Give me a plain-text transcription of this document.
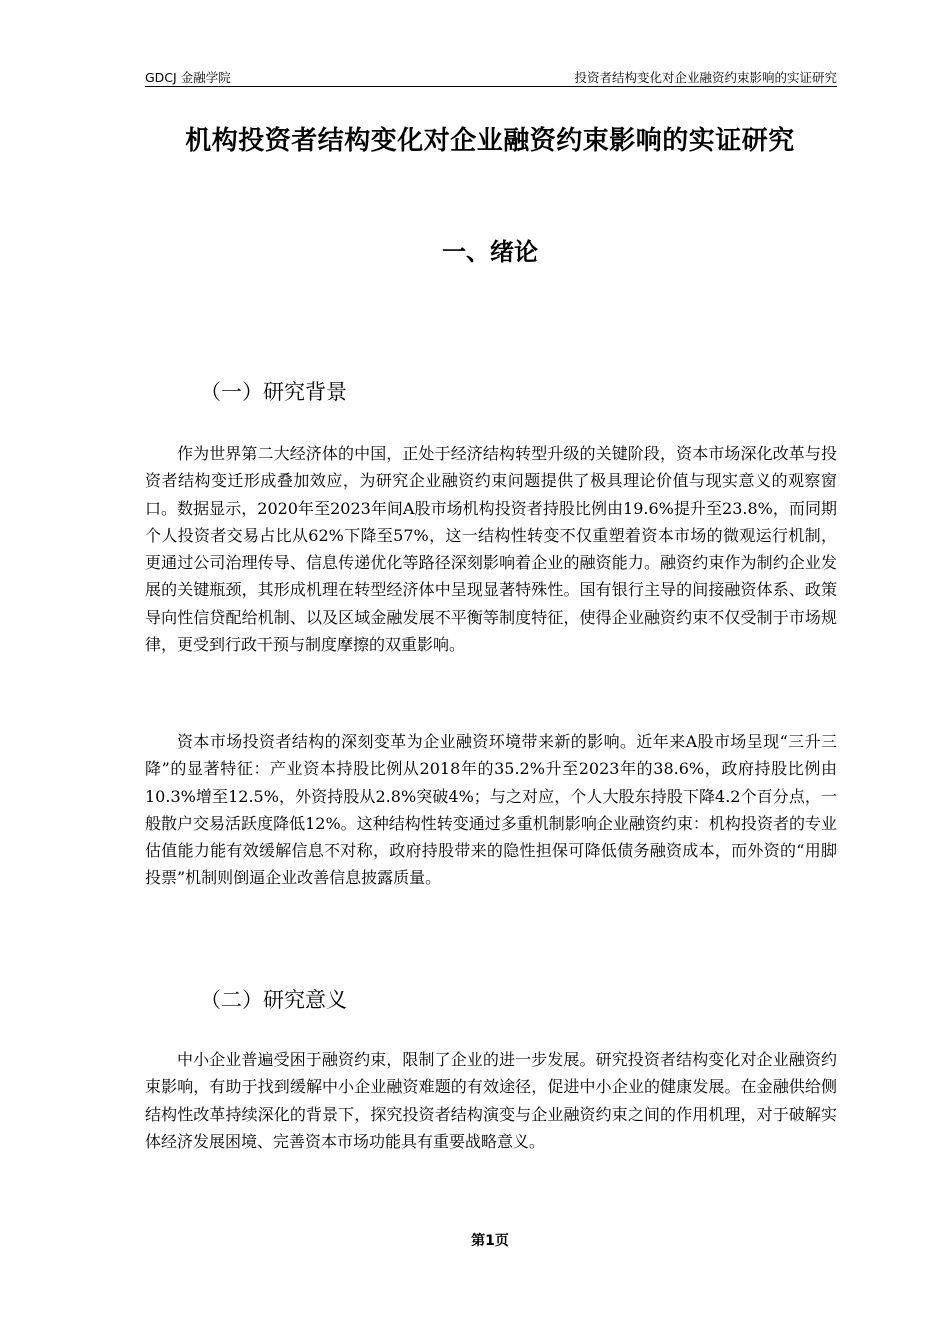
GDCJ 金融学院	投资者结构变化对企业融资约束影响的实证研究
机构投资者结构变化对企业融资约束影响的实证研究
一、绪论
（一）研究背景

作为世界第二大经济体的中国，正处于经济结构转型升级的关键阶段，资本市场深化改革与投资者结构变迁形成叠加效应，为研究企业融资约束问题提供了极具理论价值与现实意义的观察窗口。数据显示，2020年至2023年间A股市场机构投资者持股比例由19.6%提升至23.8%，而同期个人投资者交易占比从62%下降至57%，这一结构性转变不仅重塑着资本市场的微观运行机制，更通过公司治理传导、信息传递优化等路径深刻影响着企业的融资能力。融资约束作为制约企业发展的关键瓶颈，其形成机理在转型经济体中呈现显著特殊性。国有银行主导的间接融资体系、政策导向性信贷配给机制、以及区域金融发展不平衡等制度特征，使得企业融资约束不仅受制于市场规律，更受到行政干预与制度摩擦的双重影响。

资本市场投资者结构的深刻变革为企业融资环境带来新的影响。近年来A股市场呈现“三升三降”的显著特征：产业资本持股比例从2018年的35.2%升至2023年的38.6%，政府持股比例由10.3%增至12.5%，外资持股从2.8%突破4%；与之对应，个人大股东持股下降4.2个百分点，一般散户交易活跃度降低12%。这种结构性转变通过多重机制影响企业融资约束：机构投资者的专业估值能力能有效缓解信息不对称，政府持股带来的隐性担保可降低债务融资成本，而外资的“用脚投票”机制则倒逼企业改善信息披露质量。

（二）研究意义

中小企业普遍受困于融资约束，限制了企业的进一步发展。研究投资者结构变化对企业融资约束影响，有助于找到缓解中小企业融资难题的有效途径，促进中小企业的健康发展。在金融供给侧结构性改革持续深化的背景下，探究投资者结构演变与企业融资约束之间的作用机理，对于破解实体经济发展困境、完善资本市场功能具有重要战略意义。

第1页
